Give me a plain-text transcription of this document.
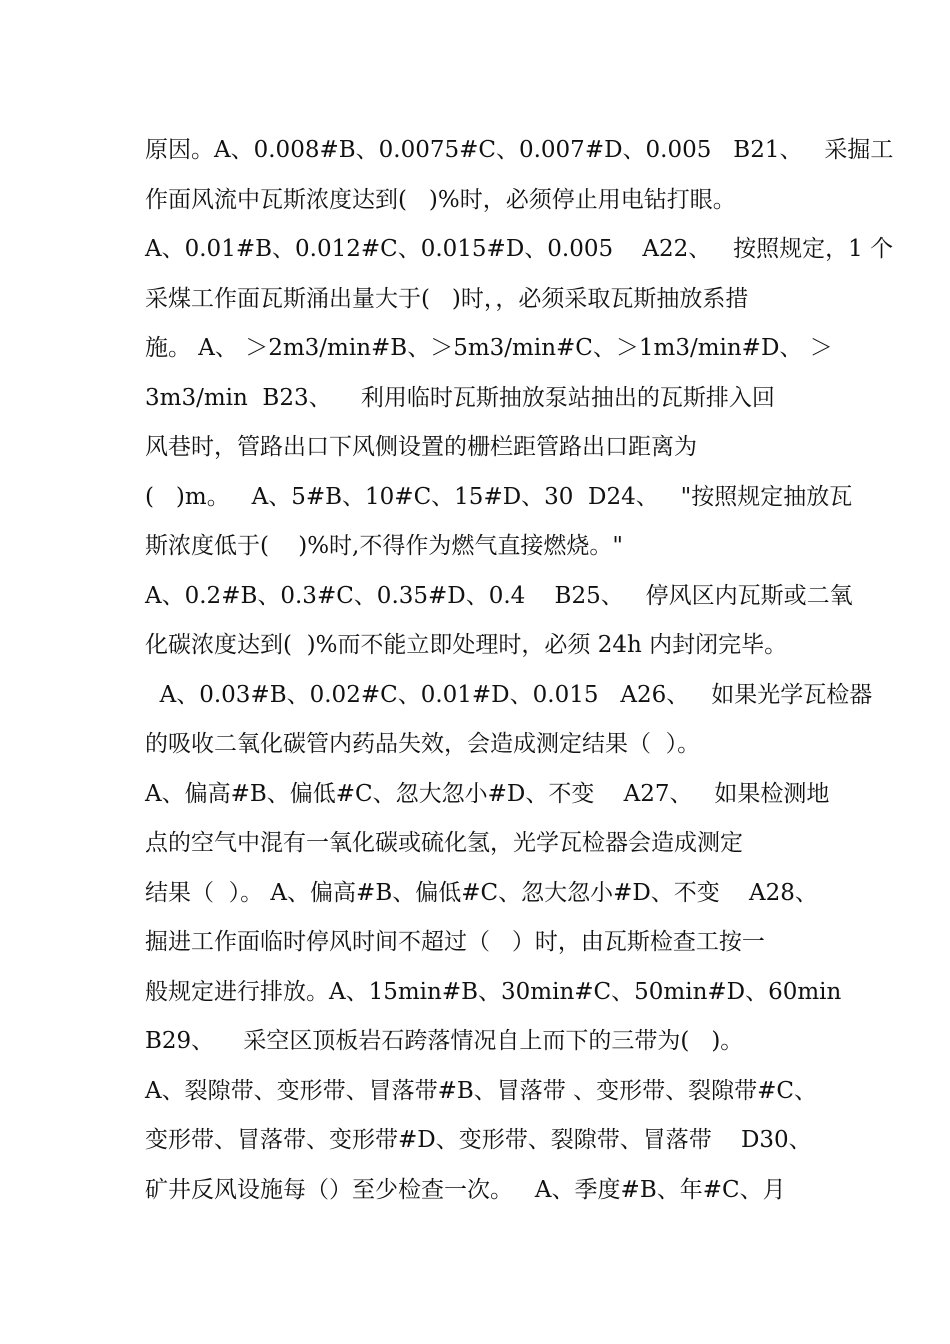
原因。A、0.008#B、0.0075#C、0.007#D、0.005   B21、   采掘工
作面风流中瓦斯浓度达到(   )%时，必须停止用电钻打眼。
A、0.01#B、0.012#C、0.015#D、0.005    A22、   按照规定，1 个
采煤工作面瓦斯涌出量大于(   )时，，必须采取瓦斯抽放系措
施。 A、 ＞2m3/min#B、＞5m3/min#C、＞1m3/min#D、 ＞
3m3/min  B23、    利用临时瓦斯抽放泵站抽出的瓦斯排入回
风巷时，管路出口下风侧设置的栅栏距管路出口距离为
(   )m。   A、5#B、10#C、15#D、30  D24、   "按照规定抽放瓦
斯浓度低于(    )%时,不得作为燃气直接燃烧。"
A、0.2#B、0.3#C、0.35#D、0.4    B25、   停风区内瓦斯或二氧
化碳浓度达到(  )%而不能立即处理时，必须 24h 内封闭完毕。
A、0.03#B、0.02#C、0.01#D、0.015   A26、   如果光学瓦检器
的吸收二氧化碳管内药品失效，会造成测定结果（  ）。
A、偏高#B、偏低#C、忽大忽小#D、不变    A27、   如果检测地
点的空气中混有一氧化碳或硫化氢，光学瓦检器会造成测定
结果（  ）。 A、偏高#B、偏低#C、忽大忽小#D、不变    A28、
掘进工作面临时停风时间不超过（   ）时，由瓦斯检查工按一
般规定进行排放。A、15min#B、30min#C、50min#D、60min
B29、    采空区顶板岩石跨落情况自上而下的三带为(   )。
A、裂隙带、变形带、冒落带#B、冒落带 、变形带、裂隙带#C、
变形带、冒落带、变形带#D、变形带、裂隙带、冒落带    D30、
矿井反风设施每（）至少检查一次。   A、季度#B、年#C、月
